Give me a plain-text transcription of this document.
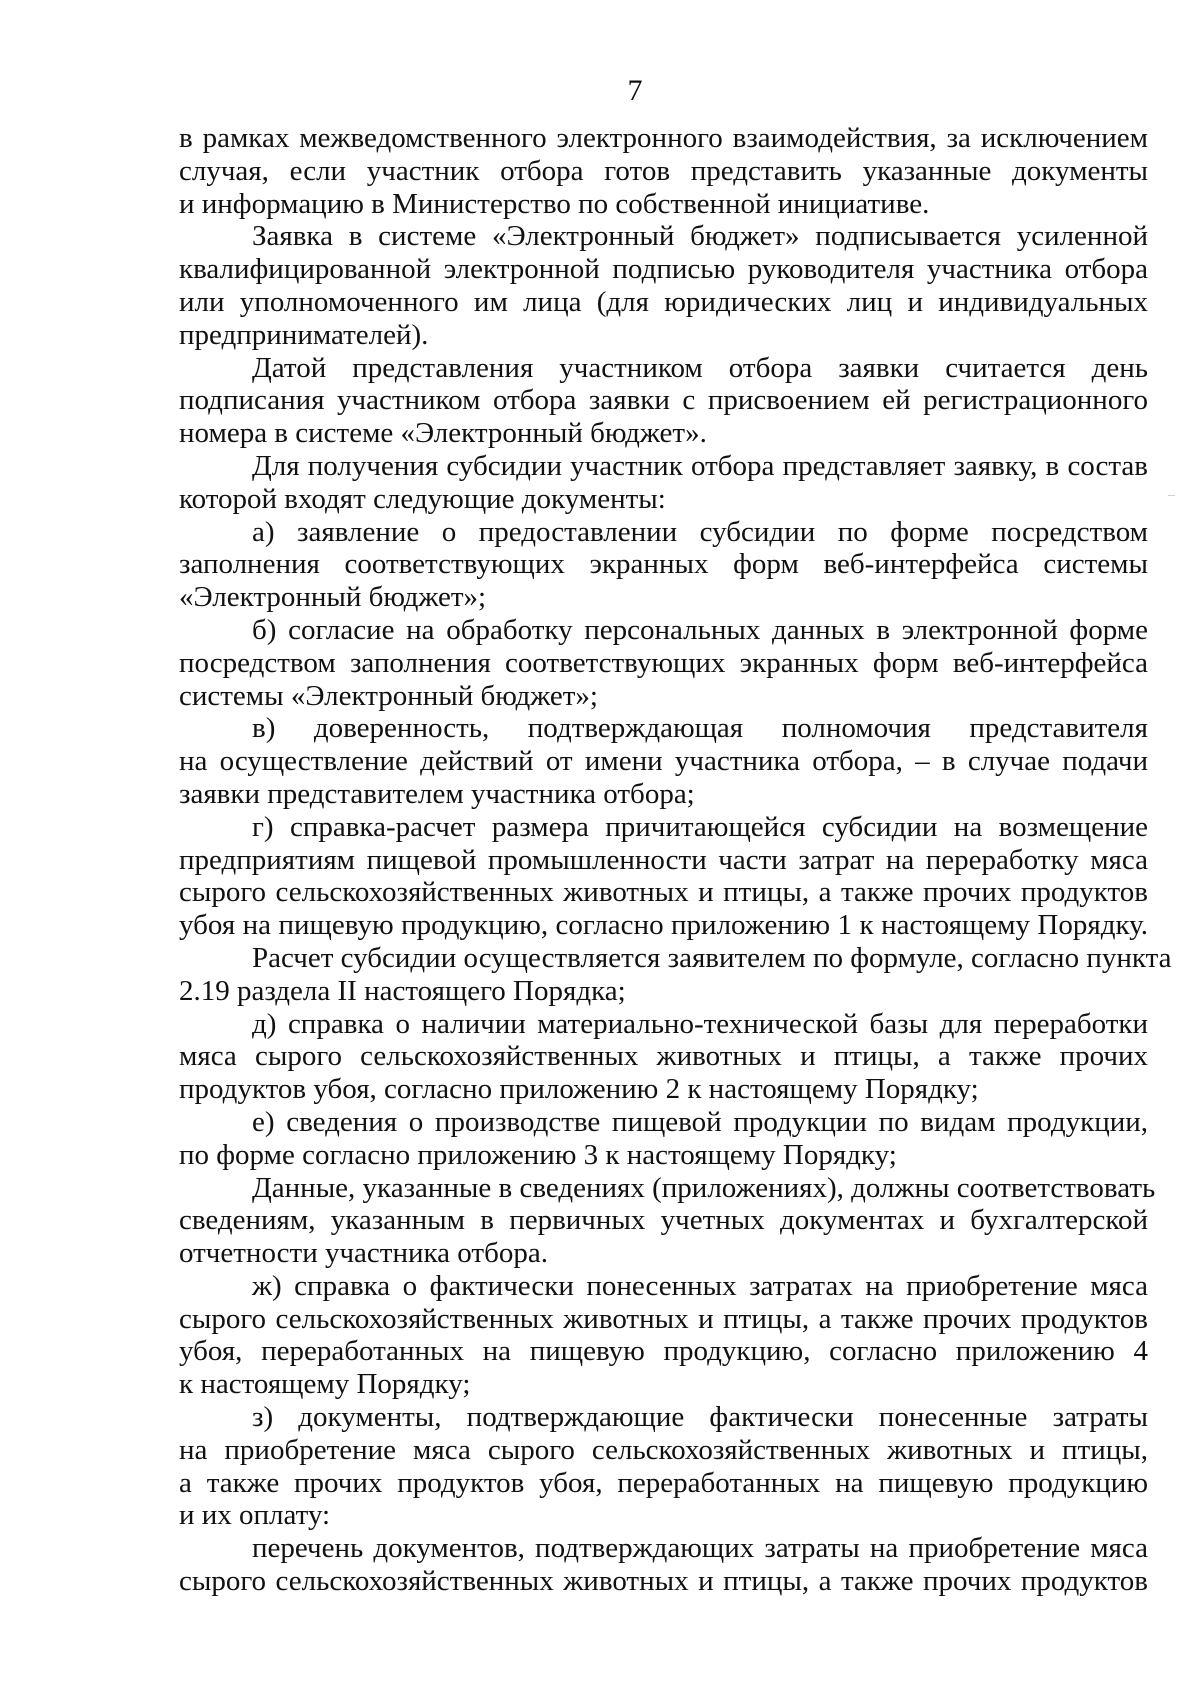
7
в рамках межведомственного электронного взаимодействия, за исключением
случая, если участник отбора готов представить указанные документы
и информацию в Министерство по собственной инициативе.
Заявка в системе «Электронный бюджет» подписывается усиленной
квалифицированной электронной подписью руководителя участника отбора
или уполномоченного им лица (для юридических лиц и индивидуальных
предпринимателей).
Датой представления участником отбора заявки считается день
подписания участником отбора заявки с присвоением ей регистрационного
номера в системе «Электронный бюджет».
Для получения субсидии участник отбора представляет заявку, в состав
которой входят следующие документы:
а) заявление о предоставлении субсидии по форме посредством
заполнения соответствующих экранных форм веб-интерфейса системы
«Электронный бюджет»;
б) согласие на обработку персональных данных в электронной форме
посредством заполнения соответствующих экранных форм веб-интерфейса
системы «Электронный бюджет»;
в) доверенность, подтверждающая полномочия представителя
на осуществление действий от имени участника отбора, – в случае подачи
заявки представителем участника отбора;
г) справка-расчет размера причитающейся субсидии на возмещение
предприятиям пищевой промышленности части затрат на переработку мяса
сырого сельскохозяйственных животных и птицы, а также прочих продуктов
убоя на пищевую продукцию, согласно приложению 1 к настоящему Порядку.
Расчет субсидии осуществляется заявителем по формуле, согласно пункта
2.19 раздела II настоящего Порядка;
д) справка о наличии материально-технической базы для переработки
мяса сырого сельскохозяйственных животных и птицы, а также прочих
продуктов убоя, согласно приложению 2 к настоящему Порядку;
е) сведения о производстве пищевой продукции по видам продукции,
по форме согласно приложению 3 к настоящему Порядку;
Данные, указанные в сведениях (приложениях), должны соответствовать
сведениям, указанным в первичных учетных документах и бухгалтерской
отчетности участника отбора.
ж) справка о фактически понесенных затратах на приобретение мяса
сырого сельскохозяйственных животных и птицы, а также прочих продуктов
убоя, переработанных на пищевую продукцию, согласно приложению 4
к настоящему Порядку;
з) документы, подтверждающие фактически понесенные затраты
на приобретение мяса сырого сельскохозяйственных животных и птицы,
а также прочих продуктов убоя, переработанных на пищевую продукцию
и их оплату:
перечень документов, подтверждающих затраты на приобретение мяса
сырого сельскохозяйственных животных и птицы, а также прочих продуктов
